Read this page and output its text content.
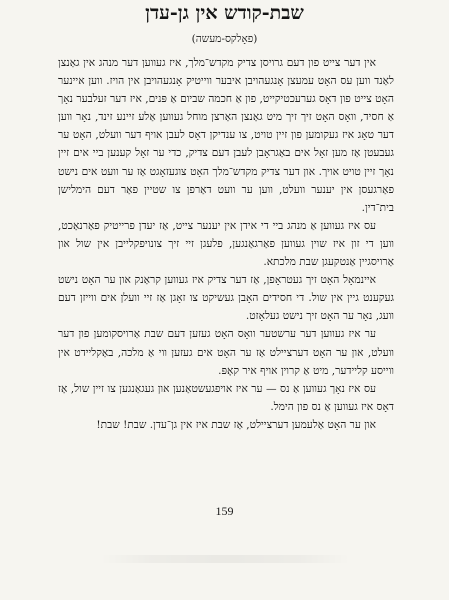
שבת-קודש אין גן-עדן
(פאָלקס-מעשה)

אין דער צייט פון דעם גרויסן צדיק מקדש־מלך, איז געווען דער מנהג אין גאַנצן לאַנד ווען עס האָט עמעצן אָנגעהויבן איבער ווייטיק אָנגעהויבן אין הויז. ווען איינער האָט צייט פון דאָס גערעכטיקייט, פון אַ חכמה שביום אַ פּנים, איז דער זעלבער נאָך אַ חסיד, וואָס האָט זיך זיך מיט גאַנצן האַרצן מוחל געווען אַלע זיינע זינד, נאָר ווען דער טאָג איז געקומען פון זיין טויט, צו ענדיקן דאָס לעבן אויף דער וועלט, האָט ער געבעטן אַז מען זאָל אים באַגראָבן לעבן דעם צדיק, כדי ער זאָל קענען ביי אים זיין נאָך זיין טויט אויך. און דער צדיק מקדש־מלך האָט צוגעזאָגט אַז ער וועט אים נישט פאַרגעסן אין יענער וועלט, ווען ער וועט דאַרפן צו שטיין פאַר דעם הימלישן בית־דין.

עס איז געווען אַ מנהג ביי די אידן אין יענער צייט, אַז יעדן פרייטיק פאַרנאַכט, ווען די זון איז שוין געווען פאַרגאַנגען, פלעגן זיי זיך צונויפקלייבן אין שול און אַרויסגיין אַנטקעגן שבת מלכתא.

איינמאָל האָט זיך געטראָפן, אַז דער צדיק איז געווען קראַנק און ער האָט נישט געקענט גיין אין שול. די חסידים האָבן געשיקט צו זאָגן אַז זיי וועלן אים ווייזן דעם וועג, נאָר ער האָט זיך נישט געלאָזט.

ער איז געווען דער ערשטער וואָס האָט געזען דעם שבת אַרויסקומען פון דער וועלט, און ער האָט דערציילט אַז ער האָט אים געזען ווי אַ מלכה, באַקליידט אין ווייסע קליידער, מיט אַ קרוין אויף איר קאָפּ.

עס איז נאָך געווען אַ נס — ער איז אויפגעשטאַנען און געגאַנגען צו זיין שול, אַז דאָס איז געווען אַ נס פון הימל.

און ער האָט אַלעמען דערציילט, אַז שבת איז אין גן־עדן. שבת! שבת!

159
